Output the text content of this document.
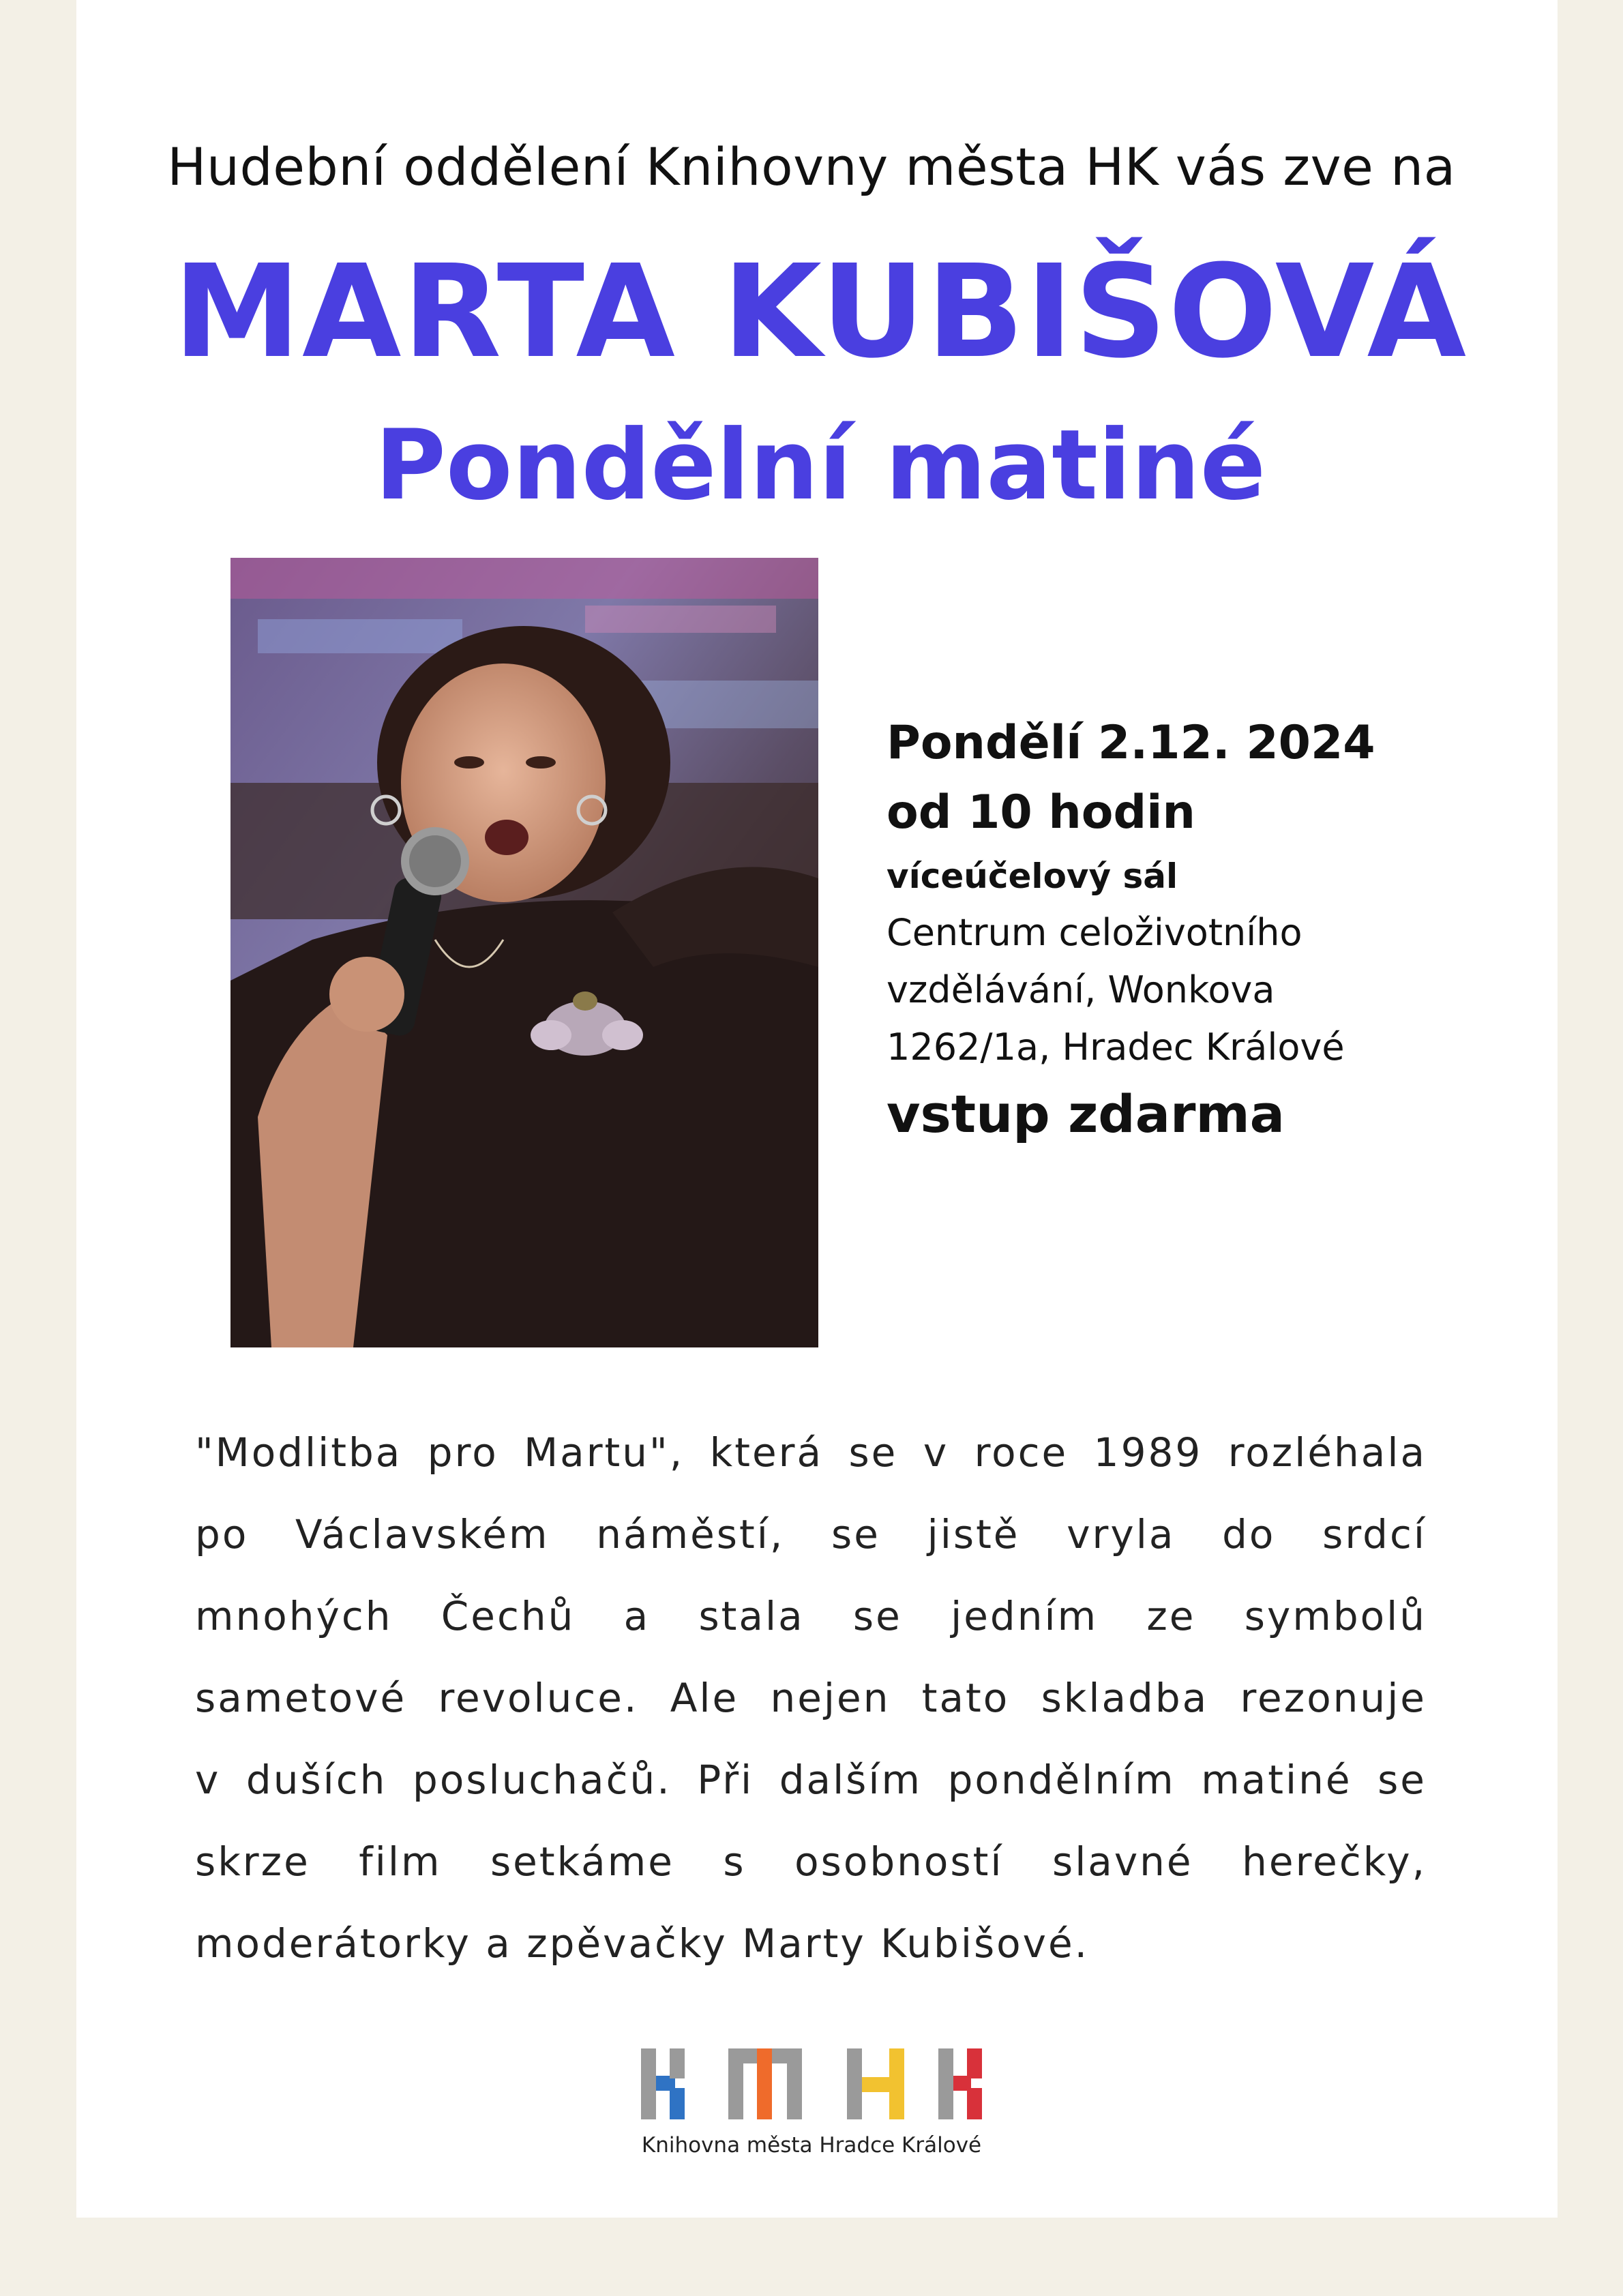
Hudební oddělení Knihovny města HK vás zve na
MARTA KUBIŠOVÁ
Pondělní matiné
Pondělí 2.12. 2024
od 10 hodin
víceúčelový sál
Centrum celoživotního
vzdělávání, Wonkova
1262/1a, Hradec Králové
vstup zdarma
"Modlitba pro Martu", která se v roce 1989 rozléhala
po Václavském náměstí, se jistě vryla do srdcí
mnohých Čechů a stala se jedním ze symbolů
sametové revoluce. Ale nejen tato skladba rezonuje
v duších posluchačů. Při dalším pondělním matiné se
skrze film setkáme s osobností slavné herečky,
moderátorky a zpěvačky Marty Kubišové.
Knihovna města Hradce Králové
